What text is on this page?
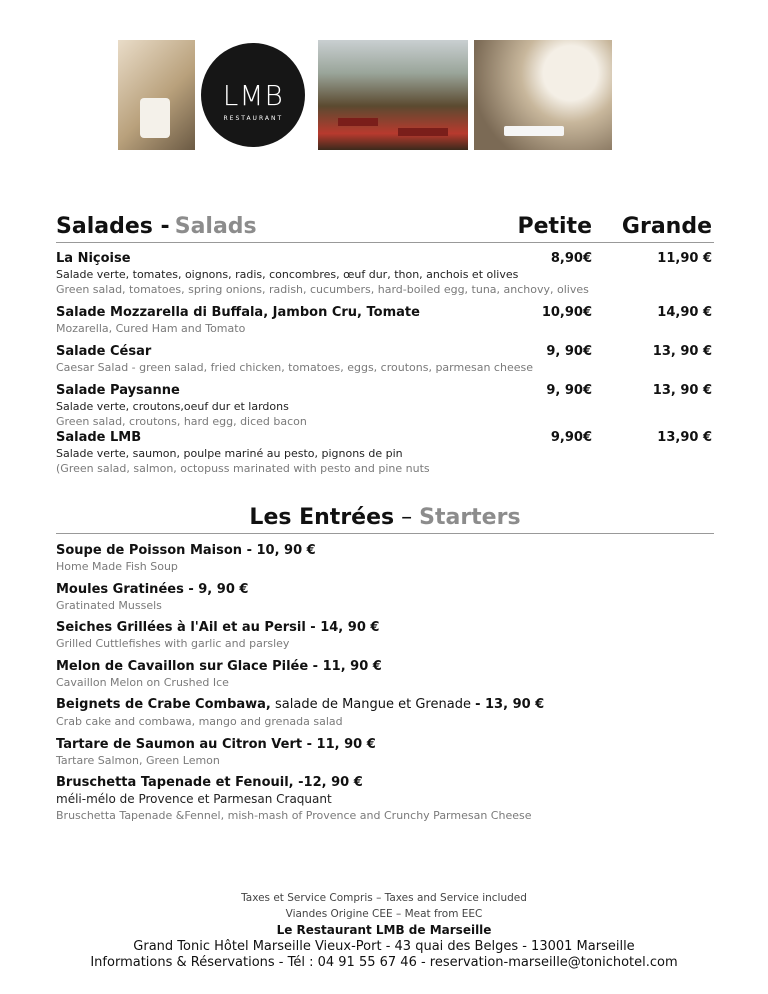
LMB
RESTAURANT
Salades - Salads	Petite Grande
La Niçoise	8,90€	11,90 €
Salade verte, tomates, oignons, radis, concombres, œuf dur, thon, anchois et olives
Green salad, tomatoes, spring onions, radish, cucumbers, hard-boiled egg, tuna, anchovy, olives
Salade Mozzarella di Buffala, Jambon Cru, Tomate	10,90€	14,90 €
Mozarella, Cured Ham and Tomato
Salade César	9, 90€	13, 90 €
Caesar Salad - green salad, fried chicken, tomatoes, eggs, croutons, parmesan cheese
Salade Paysanne	9, 90€	13, 90 €
Salade verte, croutons,oeuf dur et lardons
Green salad, croutons, hard egg, diced bacon
Salade LMB	9,90€	13,90 €
Salade verte, saumon, poulpe mariné au pesto, pignons de pin
(Green salad, salmon, octopuss marinated with pesto and pine nuts
Les Entrées – Starters
Soupe de Poisson Maison - 10, 90 €
Home Made Fish Soup
Moules Gratinées - 9, 90 €
Gratinated Mussels
Seiches Grillées à l'Ail et au Persil - 14, 90 €
Grilled Cuttlefishes with garlic and parsley
Melon de Cavaillon sur Glace Pilée - 11, 90 €
Cavaillon Melon on Crushed Ice
Beignets de Crabe Combawa, salade de Mangue et Grenade - 13, 90 €
Crab cake and combawa, mango and grenada salad
Tartare de Saumon au Citron Vert - 11, 90 €
Tartare Salmon, Green Lemon
Bruschetta Tapenade et Fenouil, -12, 90 €
méli-mélo de Provence et Parmesan Craquant
Bruschetta Tapenade &Fennel, mish-mash of Provence and Crunchy Parmesan Cheese
Taxes et Service Compris – Taxes and Service included
Viandes Origine CEE – Meat from EEC
Le Restaurant LMB de Marseille
Grand Tonic Hôtel Marseille Vieux-Port - 43 quai des Belges - 13001 Marseille
Informations & Réservations - Tél : 04 91 55 67 46 - reservation-marseille@tonichotel.com
